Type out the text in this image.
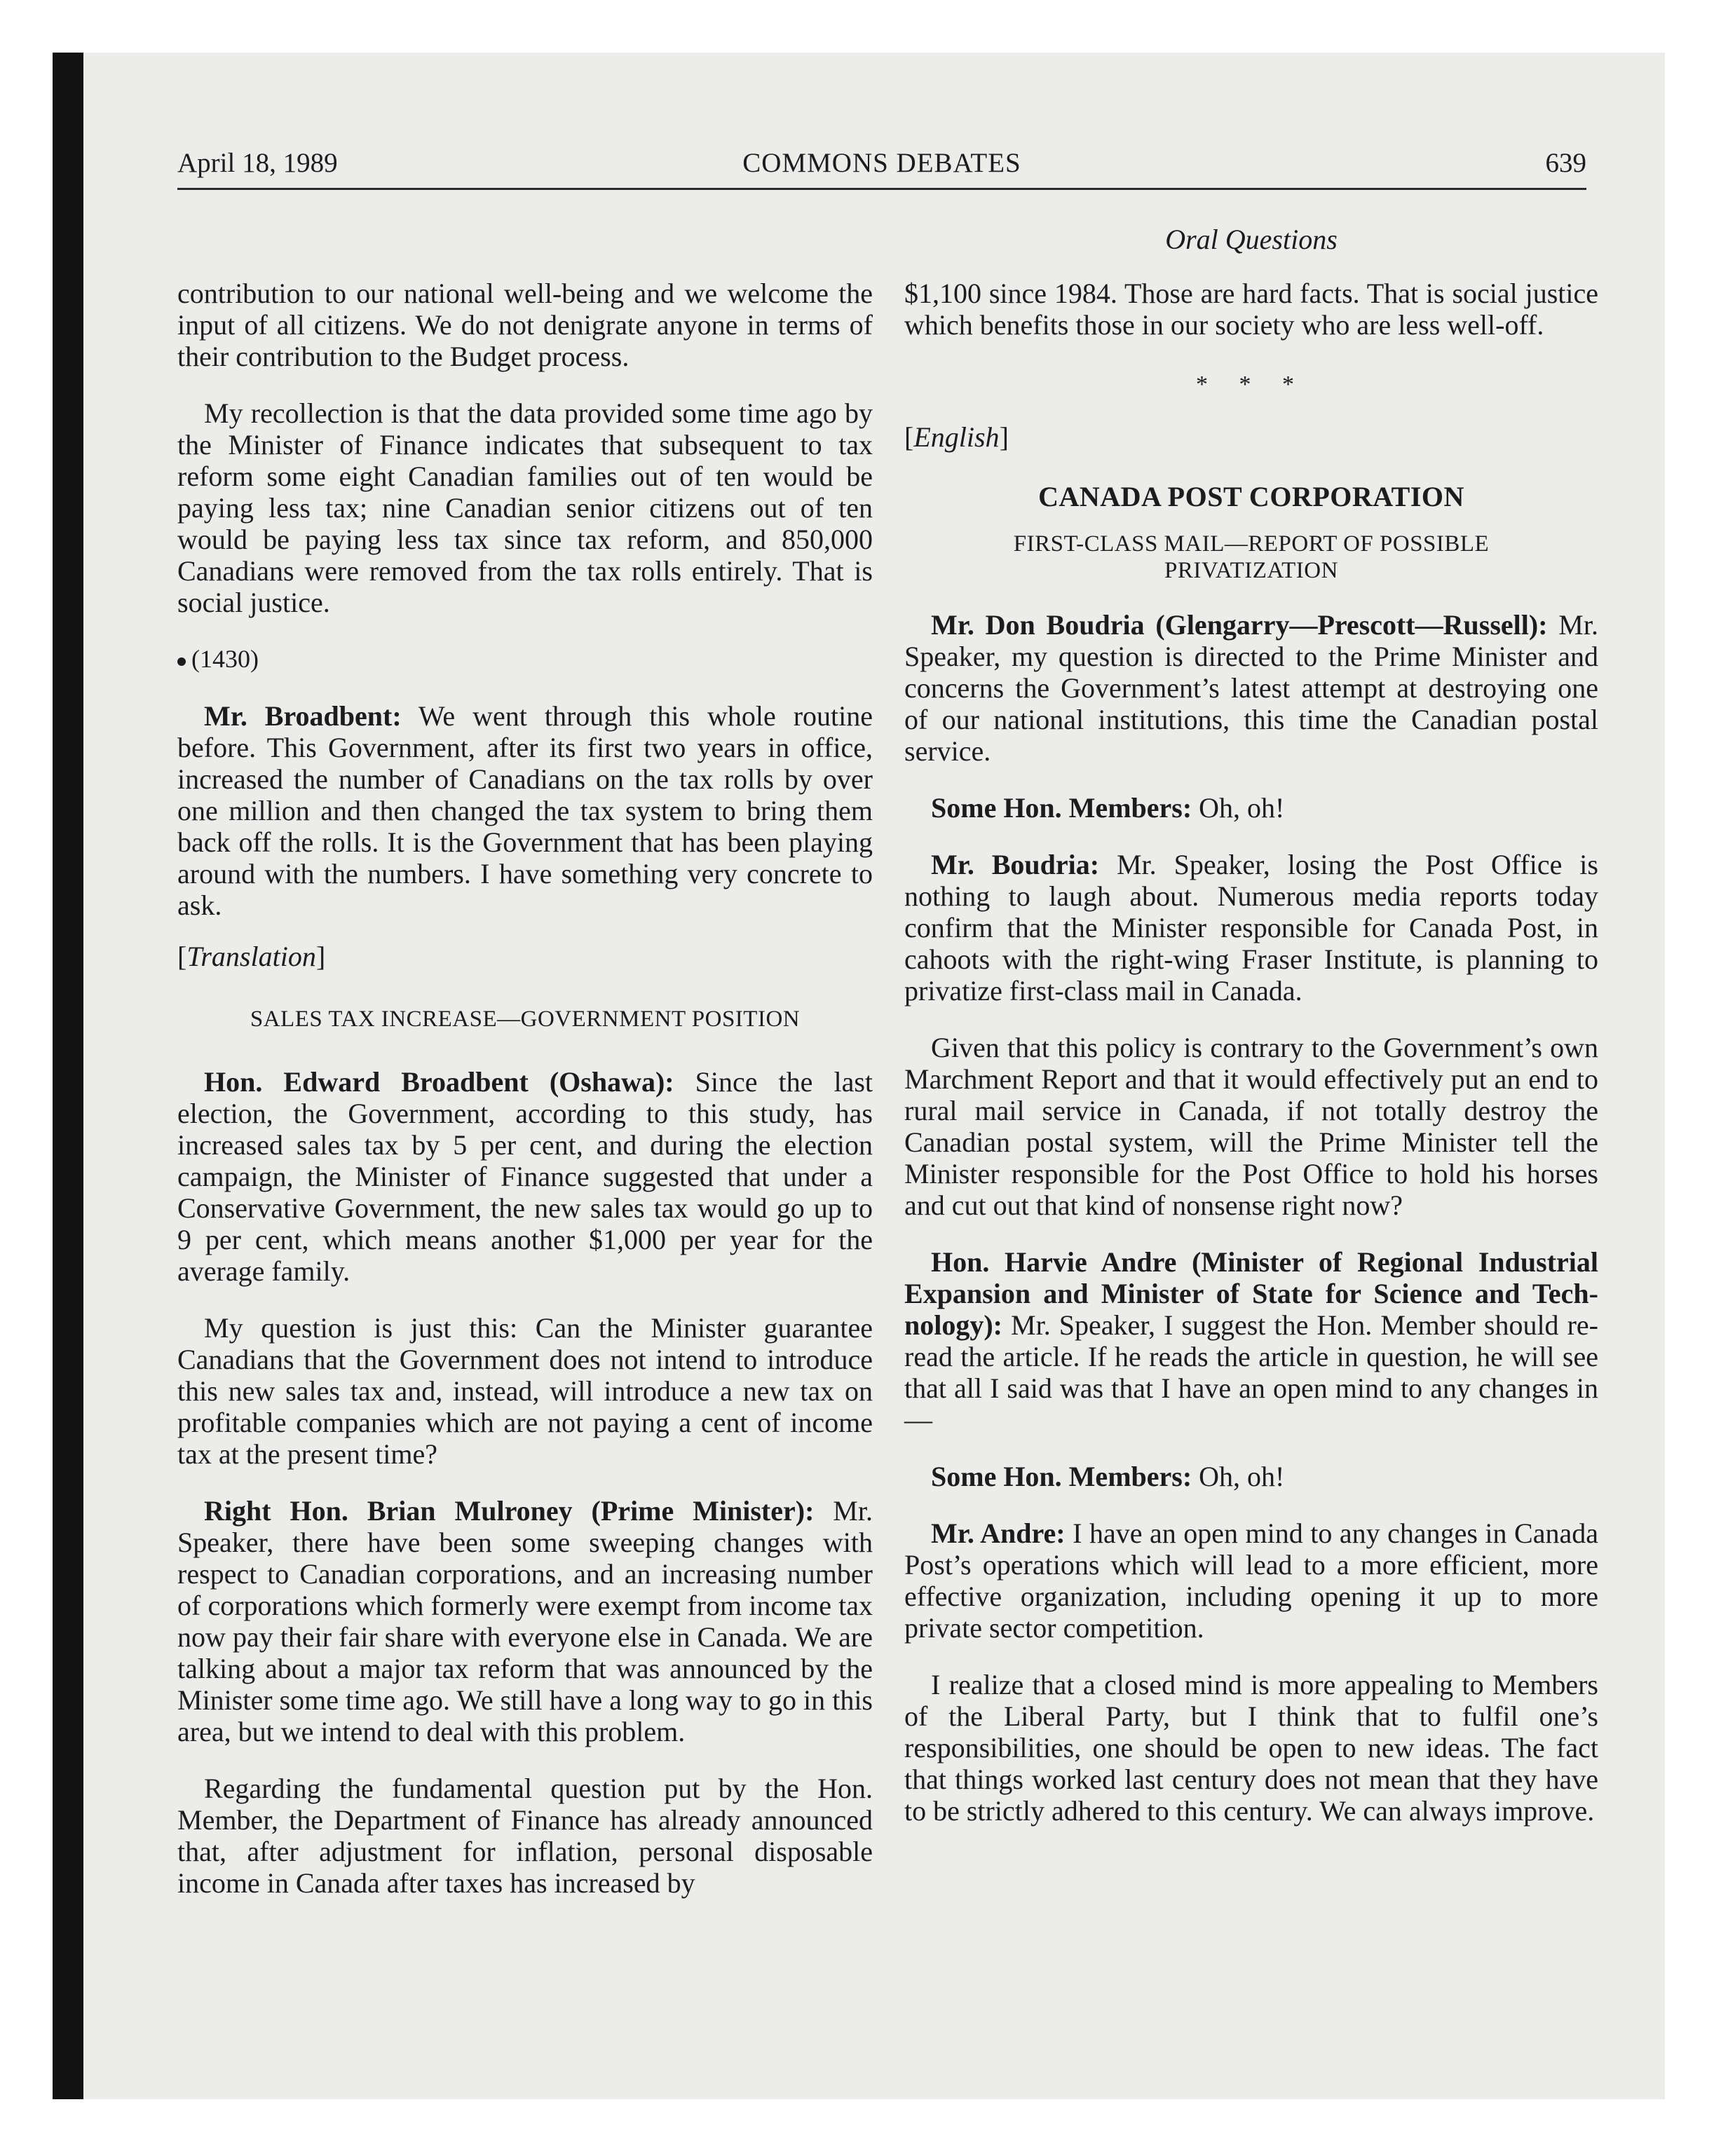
April 18, 1989	COMMONS DEBATES	639
Oral Questions

contribution to our national well-being and we welcome the input of all citizens. We do not denigrate anyone in terms of their contribution to the Budget process.

My recollection is that the data provided some time ago by the Minister of Finance indicates that subsequent to tax reform some eight Canadian families out of ten would be paying less tax; nine Canadian senior citizens out of ten would be paying less tax since tax reform, and 850,000 Canadians were removed from the tax rolls entirely. That is social justice.

(1430)

Mr. Broadbent: We went through this whole routine before. This Government, after its first two years in office, increased the number of Canadians on the tax rolls by over one million and then changed the tax system to bring them back off the rolls. It is the Government that has been playing around with the numbers. I have something very concrete to ask.

[Translation]

SALES TAX INCREASE—GOVERNMENT POSITION

Hon. Edward Broadbent (Oshawa): Since the last election, the Government, according to this study, has increased sales tax by 5 per cent, and during the election campaign, the Minister of Finance suggested that under a Conservative Government, the new sales tax would go up to 9 per cent, which means another $1,000 per year for the average family.

My question is just this: Can the Minister guarantee Canadians that the Government does not intend to introduce this new sales tax and, instead, will introduce a new tax on profitable companies which are not paying a cent of income tax at the present time?

Right Hon. Brian Mulroney (Prime Minister): Mr. Speaker, there have been some sweeping changes with respect to Canadian corporations, and an increasing number of corporations which formerly were exempt from income tax now pay their fair share with everyone else in Canada. We are talking about a major tax reform that was announced by the Minister some time ago. We still have a long way to go in this area, but we intend to deal with this problem.

Regarding the fundamental question put by the Hon. Member, the Department of Finance has already announced that, after adjustment for inflation, personal disposable income in Canada after taxes has increased by

$1,100 since 1984. Those are hard facts. That is social justice which benefits those in our society who are less well-off.

* * *

[English]

CANADA POST CORPORATION

FIRST-CLASS MAIL—REPORT OF POSSIBLE PRIVATIZATION

Mr. Don Boudria (Glengarry—Prescott—Russell): Mr. Speaker, my question is directed to the Prime Minister and concerns the Government’s latest attempt at destroying one of our national institutions, this time the Canadian postal service.

Some Hon. Members: Oh, oh!

Mr. Boudria: Mr. Speaker, losing the Post Office is nothing to laugh about. Numerous media reports today confirm that the Minister responsible for Canada Post, in cahoots with the right-wing Fraser Institute, is planning to privatize first-class mail in Canada.

Given that this policy is contrary to the Government’s own Marchment Report and that it would effectively put an end to rural mail service in Canada, if not totally destroy the Canadian postal system, will the Prime Minister tell the Minister responsible for the Post Office to hold his horses and cut out that kind of nonsense right now?

Hon. Harvie Andre (Minister of Regional Industrial Expansion and Minister of State for Science and Technology): Mr. Speaker, I suggest the Hon. Member should re-read the article. If he reads the article in question, he will see that all I said was that I have an open mind to any changes in—

Some Hon. Members: Oh, oh!

Mr. Andre: I have an open mind to any changes in Canada Post’s operations which will lead to a more efficient, more effective organization, including opening it up to more private sector competition.

I realize that a closed mind is more appealing to Members of the Liberal Party, but I think that to fulfil one’s responsibilities, one should be open to new ideas. The fact that things worked last century does not mean that they have to be strictly adhered to this century. We can always improve.
